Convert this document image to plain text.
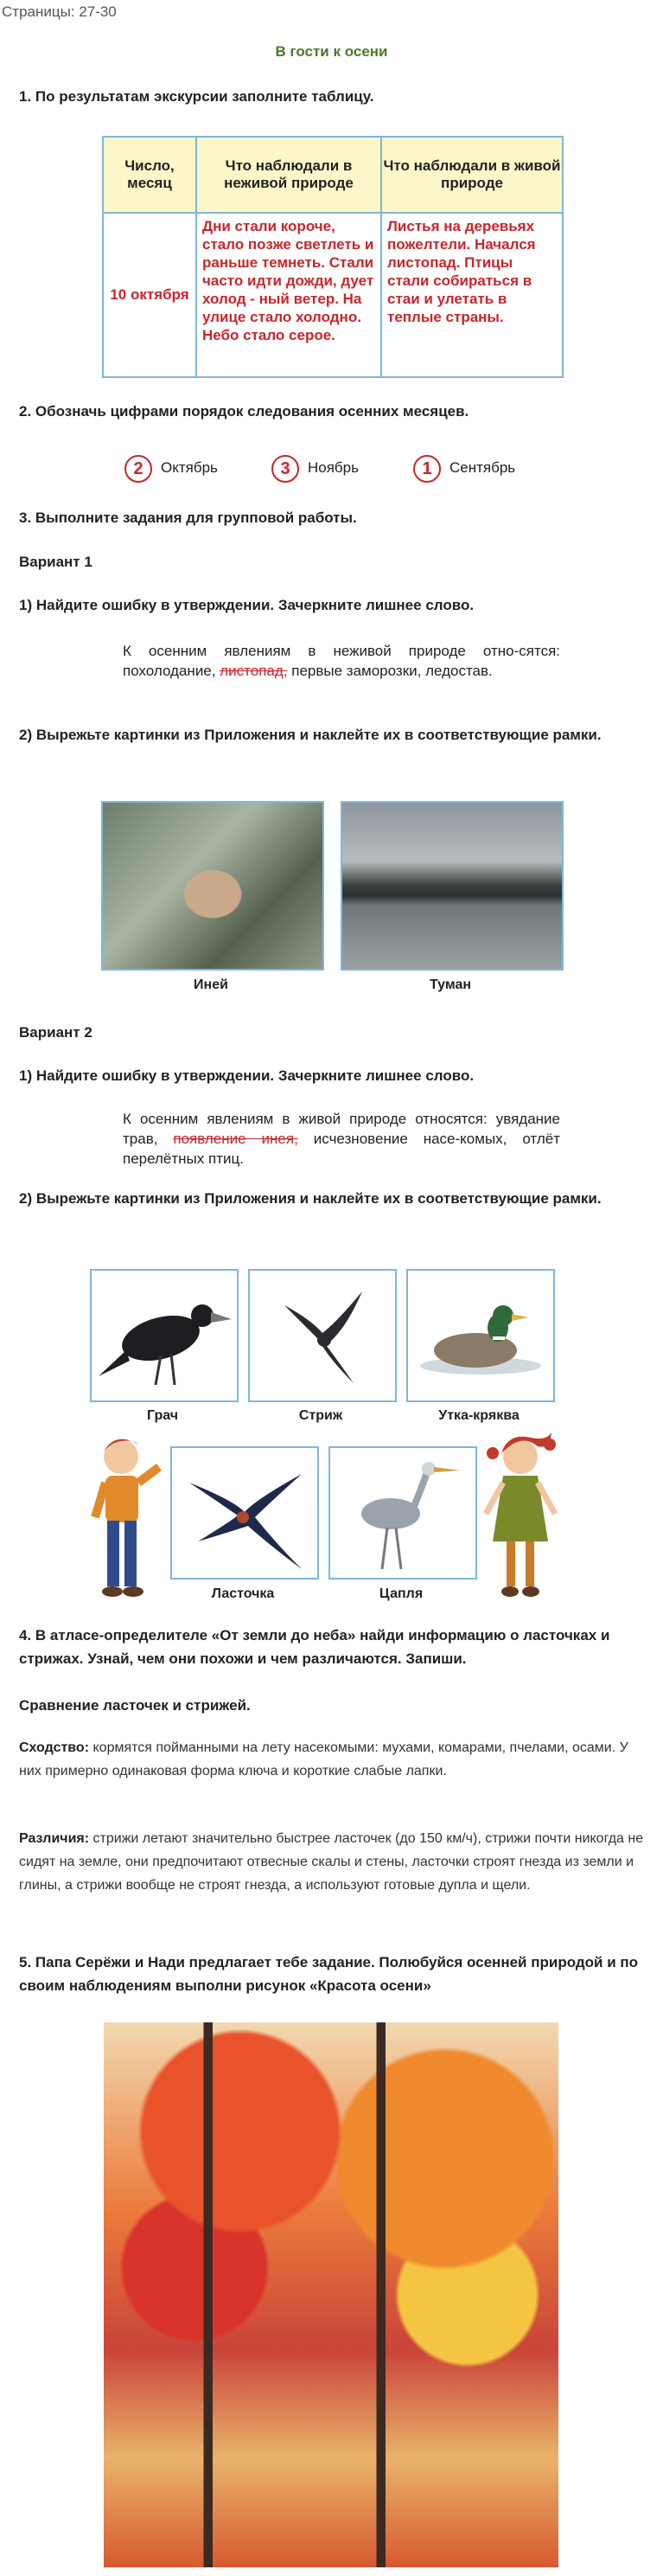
Страницы: 27-30
В гости к осени
1. По результатам экскурсии заполните таблицу.
Число, месяц	Что наблюдали в неживой природе	Что наблюдали в живой природе
10 октября	Дни стали короче, стало позже светлеть и раньше темнеть. Стали часто идти дожди, дует холод - ный ветер. На улице стало холодно. Небо стало серое.	Листья на деревьях пожелтели. Начался листопад. Птицы стали собираться в стаи и улетать в теплые страны.
2. Обозначь цифрами порядок следования осенних месяцев.
2 Октябрь	3 Ноябрь	1 Сентябрь
3. Выполните задания для групповой работы.
Вариант 1
1) Найдите ошибку в утверждении. Зачеркните лишнее слово.
К осенним явлениям в неживой природе отно-сятся: похолодание, листопад, первые заморозки, ледостав.
2) Вырежьте картинки из Приложения и наклейте их в соответствующие рамки.
Иней	Туман
Вариант 2
1) Найдите ошибку в утверждении. Зачеркните лишнее слово.
К осенним явлениям в живой природе относятся: увядание трав, появление инея, исчезновение насе-комых, отлёт перелётных птиц.
2) Вырежьте картинки из Приложения и наклейте их в соответствующие рамки.
Грач	Стриж	Утка-кряква
Ласточка	Цапля
4. В атласе-определителе «От земли до неба» найди информацию о ласточках и стрижах. Узнай, чем они похожи и чем различаются. Запиши.
Сравнение ласточек и стрижей.
Сходство: кормятся пойманными на лету насекомыми: мухами, комарами, пчелами, осами. У них примерно одинаковая форма ключа и короткие слабые лапки.
Различия: стрижи летают значительно быстрее ласточек (до 150 км/ч), стрижи почти никогда не сидят на земле, они предпочитают отвесные скалы и стены, ласточки строят гнезда из земли и глины, а стрижи вообще не строят гнезда, а используют готовые дупла и щели.
5. Папа Серёжи и Нади предлагает тебе задание. Полюбуйся осенней природой и по своим наблюдениям выполни рисунок «Красота осени»
